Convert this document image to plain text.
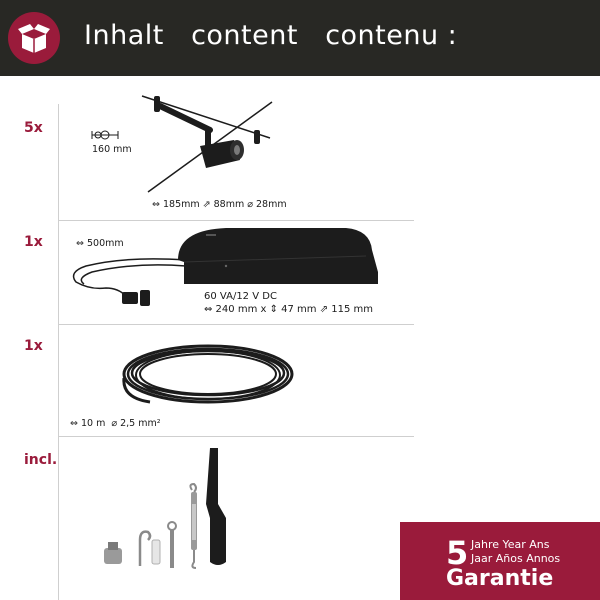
Inhalt   content   contenu :
5x
160 mm
⇔ 185mm ⇗ 88mm ⌀ 28mm
1x	⇔ 500mm
60 VA/12 V DC
⇔ 240 mm x ⇕ 47 mm ⇗ 115 mm
1x
⇔ 10 m  ⌀ 2,5 mm²
incl.
5 Jahre Year Ans
Jaar Años Annos
Garantie
